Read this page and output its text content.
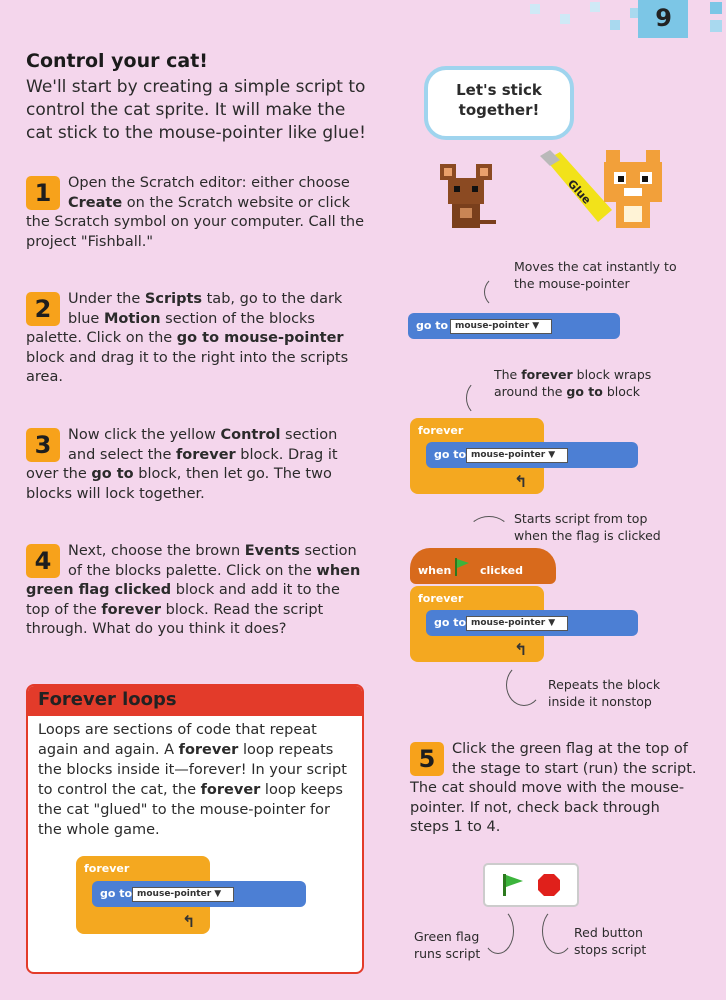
9
Control your cat!
We'll start by creating a simple script to control the cat sprite. It will make the cat stick to the mouse-pointer like glue!
1	Open the Scratch editor: either choose Create on the Scratch website or click the Scratch symbol on your computer. Call the project "Fishball."
2	Under the Scripts tab, go to the dark blue Motion section of the blocks palette. Click on the go to mouse-pointer block and drag it to the right into the scripts area.
3	Now click the yellow Control section and select the forever block. Drag it over the go to block, then let go. The two blocks will lock together.
4	Next, choose the brown Events section of the blocks palette. Click on the when green flag clicked block and add it to the top of the forever block. Read the script through. What do you think it does?
Forever loops
Loops are sections of code that repeat again and again. A forever loop repeats the blocks inside it—forever! In your script to control the cat, the forever loop keeps the cat "glued" to the mouse-pointer for the whole game.
forever
go to mouse-pointer ▼
↰
Let's stick together!
Glue
Moves the cat instantly to the mouse-pointer
go to mouse-pointer ▼
The forever block wraps around the go to block
forever
go to mouse-pointer ▼
↰
Starts script from top when the flag is clicked
when	clicked
forever
go to mouse-pointer ▼
↰
Repeats the block inside it nonstop
5	Click the green flag at the top of the stage to start (run) the script. The cat should move with the mouse-pointer. If not, check back through steps 1 to 4.
Green flag runs script
Red button stops script
